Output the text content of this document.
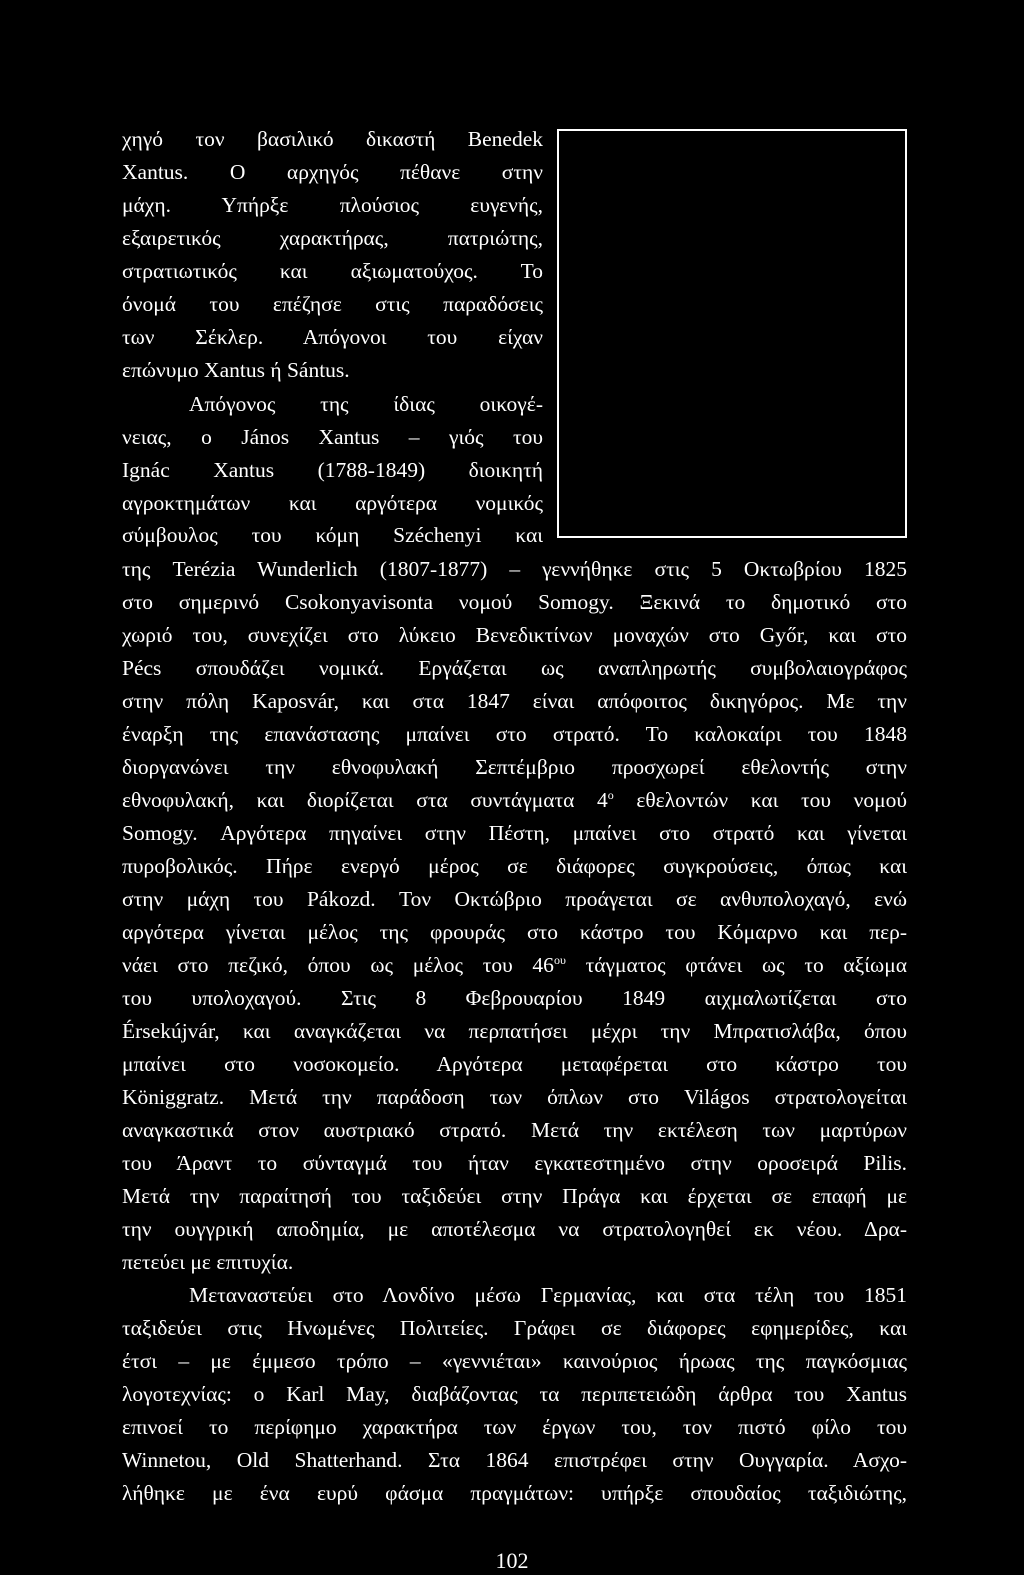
χηγό τον βασιλικό δικαστή Benedek
Xantus. Ο αρχηγός πέθανε στην
μάχη. Υπήρξε πλούσιος ευγενής,
εξαιρετικός χαρακτήρας, πατριώτης,
στρατιωτικός και αξιωματούχος. Το
όνομά του επέζησε στις παραδόσεις
των Σέκλερ. Απόγονοι του είχαν
επώνυμο Xantus ή Sántus.
Απόγονος της ίδιας οικογέ-
νειας, ο János Xantus – γιός του
Ignác Xantus (1788-1849) διοικητή
αγροκτημάτων και αργότερα νομικός
σύμβουλος του κόμη Széchenyi και
της Terézia Wunderlich (1807-1877) – γεννήθηκε στις 5 Οκτωβρίου 1825
στο σημερινό Csokonyavisonta νομού Somogy. Ξεκινά το δημοτικό στο
χωριό του, συνεχίζει στο λύκειο Βενεδικτίνων μοναχών στο Győr, και στο
Pécs σπουδάζει νομικά. Εργάζεται ως αναπληρωτής συμβολαιογράφος
στην πόλη Kaposvár, και στα 1847 είναι απόφοιτος δικηγόρος. Με την
έναρξη της επανάστασης μπαίνει στο στρατό. Το καλοκαίρι του 1848
διοργανώνει την εθνοφυλακή Σεπτέμβριο προσχωρεί εθελοντής στην
εθνοφυλακή, και διορίζεται στα συντάγματα $4^o$ εθελοντών και του νομού
Somogy. Αργότερα πηγαίνει στην Πέστη, μπαίνει στο στρατό και γίνεται
πυροβολικός. Πήρε ενεργό μέρος σε διάφορες συγκρούσεις, όπως και
στην μάχη του Pákozd. Τον Οκτώβριο προάγεται σε ανθυπολοχαγό, ενώ
αργότερα γίνεται μέλος της φρουράς στο κάστρο του Κόμαρνο και περ-
νάει στο πεζικό, όπου ως μέλος του $46^{o\upsilon}$ τάγματος φτάνει ως το αξίωμα
του υπολοχαγού. Στις 8 Φεβρουαρίου 1849 αιχμαλωτίζεται στο
Érsekújvár, και αναγκάζεται να περπατήσει μέχρι την Μπρατισλάβα, όπου
μπαίνει στο νοσοκομείο. Αργότερα μεταφέρεται στο κάστρο του
Königgratz. Μετά την παράδοση των όπλων στο Világos στρατολογείται
αναγκαστικά στον αυστριακό στρατό. Μετά την εκτέλεση των μαρτύρων
του Άραντ το σύνταγμά του ήταν εγκατεστημένο στην οροσειρά Pilis.
Μετά την παραίτησή του ταξιδεύει στην Πράγα και έρχεται σε επαφή με
την ουγγρική αποδημία, με αποτέλεσμα να στρατολογηθεί εκ νέου. Δρα-
πετεύει με επιτυχία.
Μεταναστεύει στο Λονδίνο μέσω Γερμανίας, και στα τέλη του 1851
ταξιδεύει στις Ηνωμένες Πολιτείες. Γράφει σε διάφορες εφημερίδες, και
έτσι – με έμμεσο τρόπο – «γεννιέται» καινούριος ήρωας της παγκόσμιας
λογοτεχνίας: ο Karl May, διαβάζοντας τα περιπετειώδη άρθρα του Xantus
επινοεί το περίφημο χαρακτήρα των έργων του, τον πιστό φίλο του
Winnetou, Old Shatterhand. Στα 1864 επιστρέφει στην Ουγγαρία. Ασχο-
λήθηκε με ένα ευρύ φάσμα πραγμάτων: υπήρξε σπουδαίος ταξιδιώτης,
102
